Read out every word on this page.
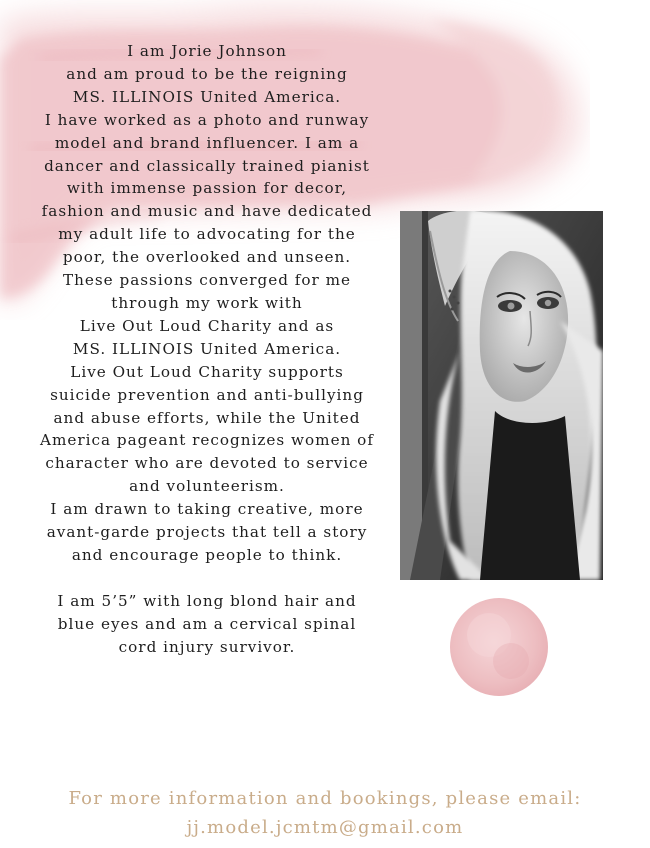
I am Jorie Johnson
and am proud to be the reigning
MS. ILLINOIS United America.
I have worked as a photo and runway
model and brand influencer. I am a
dancer and classically trained pianist
with immense passion for decor,
fashion and music and have dedicated
my adult life to advocating for the
poor, the overlooked and unseen.
These passions converged for me
through my work with
Live Out Loud Charity and as
MS. ILLINOIS United America.
Live Out Loud Charity supports
suicide prevention and anti-bullying
and abuse efforts, while the United
America pageant recognizes women of
character who are devoted to service
and volunteerism.
I am drawn to taking creative, more
avant-garde projects that tell a story
and encourage people to think.
I am 5’5” with long blond hair and
blue eyes and am a cervical spinal
cord injury survivor.
For more information and bookings, please email:
jj.model.jcmtm@gmail.com
